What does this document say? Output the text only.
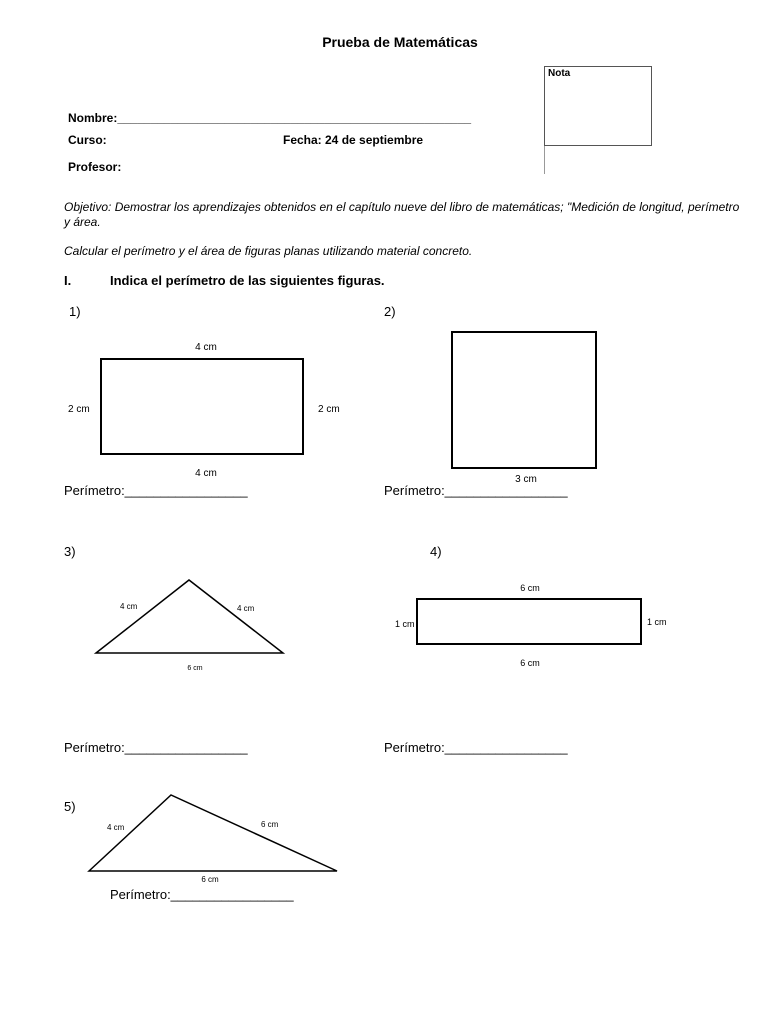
Prueba de Matemáticas
Nota
Nombre:_____________________________________________________
Curso:	Fecha: 24 de septiembre
Profesor:
Objetivo: Demostrar los aprendizajes obtenidos en el capítulo nueve del libro de matemáticas; "Medición de longitud, perímetro y área.
Calcular el perímetro y el área de figuras planas utilizando material concreto.
I.	Indica el perímetro de las siguientes figuras.
1)
4 cm
4 cm
2 cm	2 cm
Perímetro:_________________
2)
3 cm
Perímetro:_________________
3)
4 cm	4 cm
6 cm
Perímetro:_________________
4)
6 cm
6 cm
1 cm	1 cm
Perímetro:_________________
5)
4 cm	6 cm
6 cm
Perímetro:_________________
